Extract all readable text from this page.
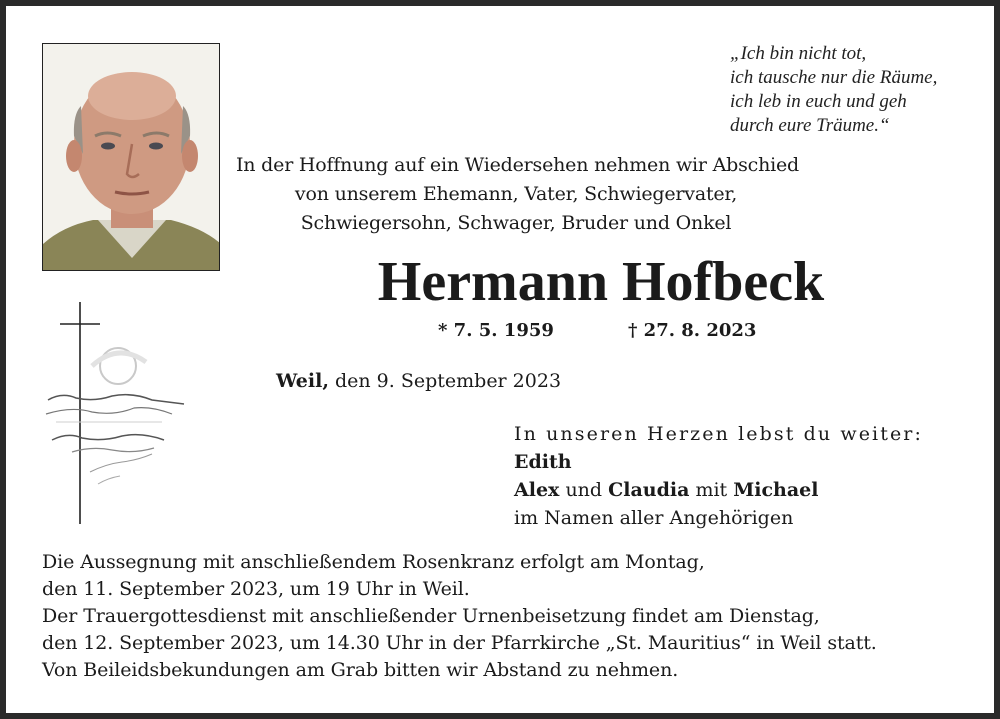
„Ich bin nicht tot,
ich tausche nur die Räume,
ich leb in euch und geh
durch eure Träume.“
In der Hoffnung auf ein Wiedersehen nehmen wir Abschied
von unserem Ehemann, Vater, Schwiegervater,
Schwiegersohn, Schwager, Bruder und Onkel
Hermann Hofbeck
* 7. 5. 1959	† 27. 8. 2023
Weil, den 9. September 2023
In unseren Herzen lebst du weiter:
Edith
Alex und Claudia mit Michael
im Namen aller Angehörigen
Die Aussegnung mit anschließendem Rosenkranz erfolgt am Montag,
den 11. September 2023, um 19 Uhr in Weil.
Der Trauergottesdienst mit anschließender Urnenbeisetzung findet am Dienstag,
den 12. September 2023, um 14.30 Uhr in der Pfarrkirche „St. Mauritius“ in Weil statt.
Von Beileidsbekundungen am Grab bitten wir Abstand zu nehmen.
